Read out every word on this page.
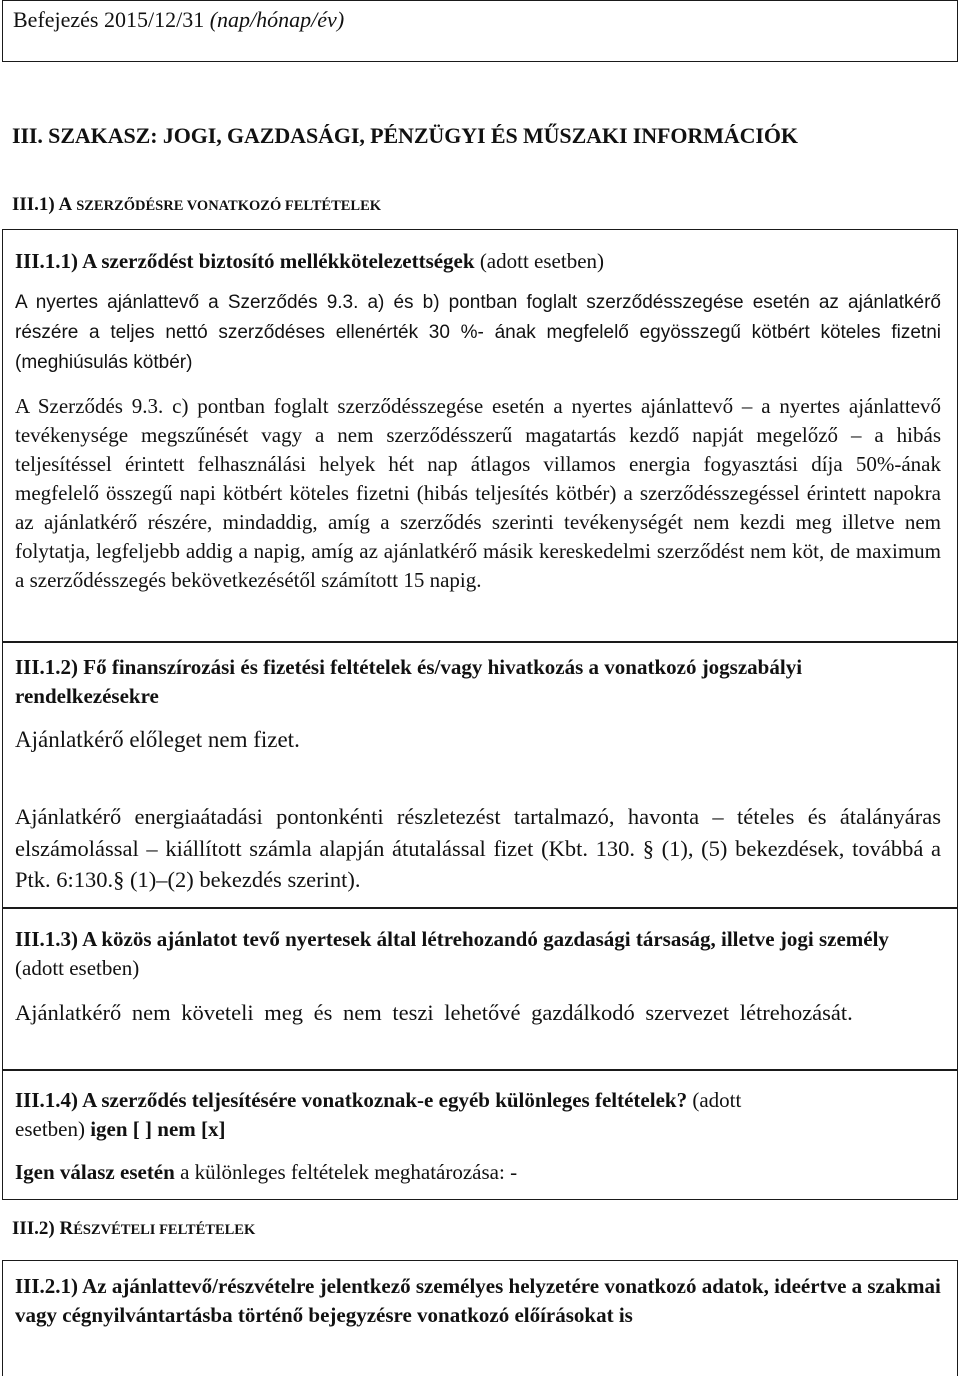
Befejezés 2015/12/31 (nap/hónap/év)

III. SZAKASZ: JOGI, GAZDASÁGI, PÉNZÜGYI ÉS MŰSZAKI INFORMÁCIÓK

III.1) A SZERZŐDÉSRE VONATKOZÓ FELTÉTELEK

III.1.1) A szerződést biztosító mellékkötelezettségek (adott esetben)

A nyertes ajánlattevő a Szerződés 9.3. a) és b) pontban foglalt szerződésszegése esetén az ajánlatkérő részére a teljes nettó szerződéses ellenérték 30 %- ának megfelelő egyösszegű kötbért köteles fizetni (meghiúsulás kötbér)

A Szerződés 9.3. c) pontban foglalt szerződésszegése esetén a nyertes ajánlattevő – a nyertes ajánlattevő tevékenysége megszűnését vagy a nem szerződésszerű magatartás kezdő napját megelőző – a hibás teljesítéssel érintett felhasználási helyek hét nap átlagos villamos energia fogyasztási díja 50%-ának megfelelő összegű napi kötbért köteles fizetni (hibás teljesítés kötbér) a szerződésszegéssel érintett napokra az ajánlatkérő részére, mindaddig, amíg a szerződés szerinti tevékenységét nem kezdi meg illetve nem folytatja, legfeljebb addig a napig, amíg az ajánlatkérő másik kereskedelmi szerződést nem köt, de maximum a szerződésszegés bekövetkezésétől számított 15 napig.

III.1.2) Fő finanszírozási és fizetési feltételek és/vagy hivatkozás a vonatkozó jogszabályi rendelkezésekre

Ajánlatkérő előleget nem fizet.

Ajánlatkérő energiaátadási pontonkénti részletezést tartalmazó, havonta – tételes és átalányáras elszámolással – kiállított számla alapján átutalással fizet (Kbt. 130. § (1), (5) bekezdések, továbbá a Ptk. 6:130.§ (1)–(2) bekezdés szerint).

III.1.3) A közös ajánlatot tevő nyertesek által létrehozandó gazdasági társaság, illetve jogi személy (adott esetben)

Ajánlatkérő nem követeli meg és nem teszi lehetővé gazdálkodó szervezet létrehozását.

III.1.4) A szerződés teljesítésére vonatkoznak-e egyéb különleges feltételek? (adott
esetben) igen [ ] nem [x]

Igen válasz esetén a különleges feltételek meghatározása: -

III.2) RÉSZVÉTELI FELTÉTELEK

III.2.1) Az ajánlattevő/részvételre jelentkező személyes helyzetére vonatkozó adatok, ideértve a szakmai vagy cégnyilvántartásba történő bejegyzésre vonatkozó előírásokat is
